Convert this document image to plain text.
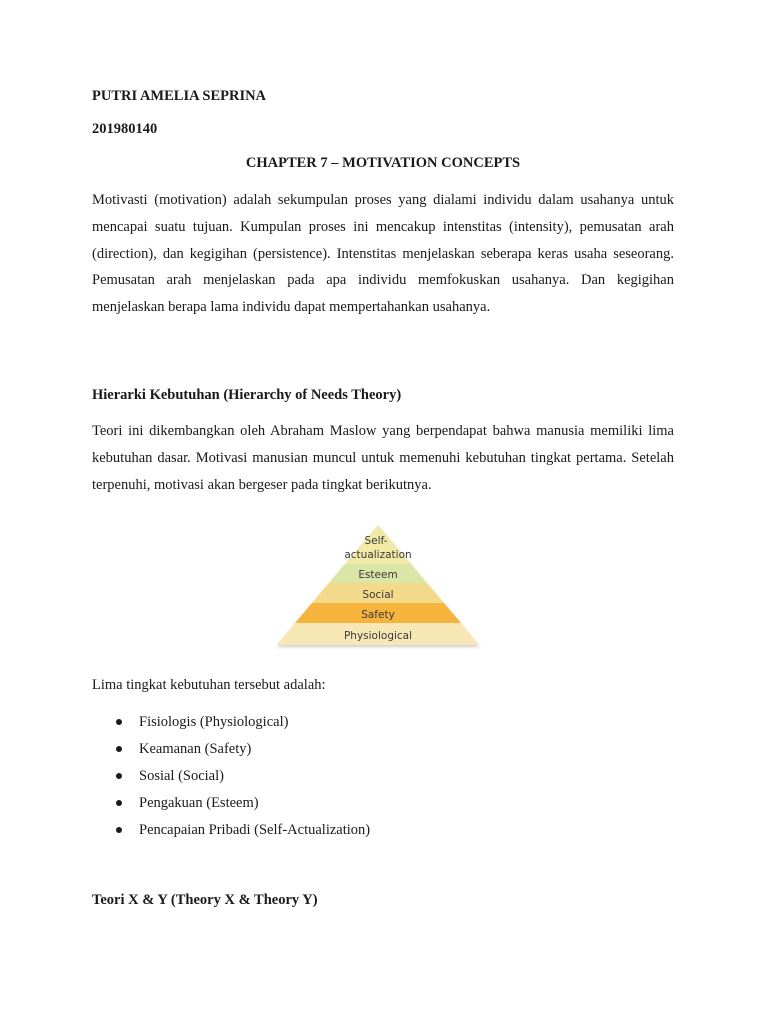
PUTRI AMELIA SEPRINA
201980140
CHAPTER 7 – MOTIVATION CONCEPTS
Motivasti (motivation) adalah sekumpulan proses yang dialami individu dalam usahanya untuk mencapai suatu tujuan. Kumpulan proses ini mencakup intenstitas (intensity), pemusatan arah (direction), dan kegigihan (persistence). Intenstitas menjelaskan seberapa keras usaha seseorang. Pemusatan arah menjelaskan pada apa individu memfokuskan usahanya. Dan kegigihan menjelaskan berapa lama individu dapat mempertahankan usahanya.
Hierarki Kebutuhan (Hierarchy of Needs Theory)
Teori ini dikembangkan oleh Abraham Maslow yang berpendapat bahwa manusia memiliki lima kebutuhan dasar. Motivasi manusian muncul untuk memenuhi kebutuhan tingkat pertama. Setelah terpenuhi, motivasi akan bergeser pada tingkat berikutnya.
Self-
actualization
Esteem
Social
Safety
Physiological
Lima tingkat kebutuhan tersebut adalah:
Fisiologis (Physiological)
Keamanan (Safety)
Sosial (Social)
Pengakuan (Esteem)
Pencapaian Pribadi (Self-Actualization)
Teori X & Y (Theory X & Theory Y)
